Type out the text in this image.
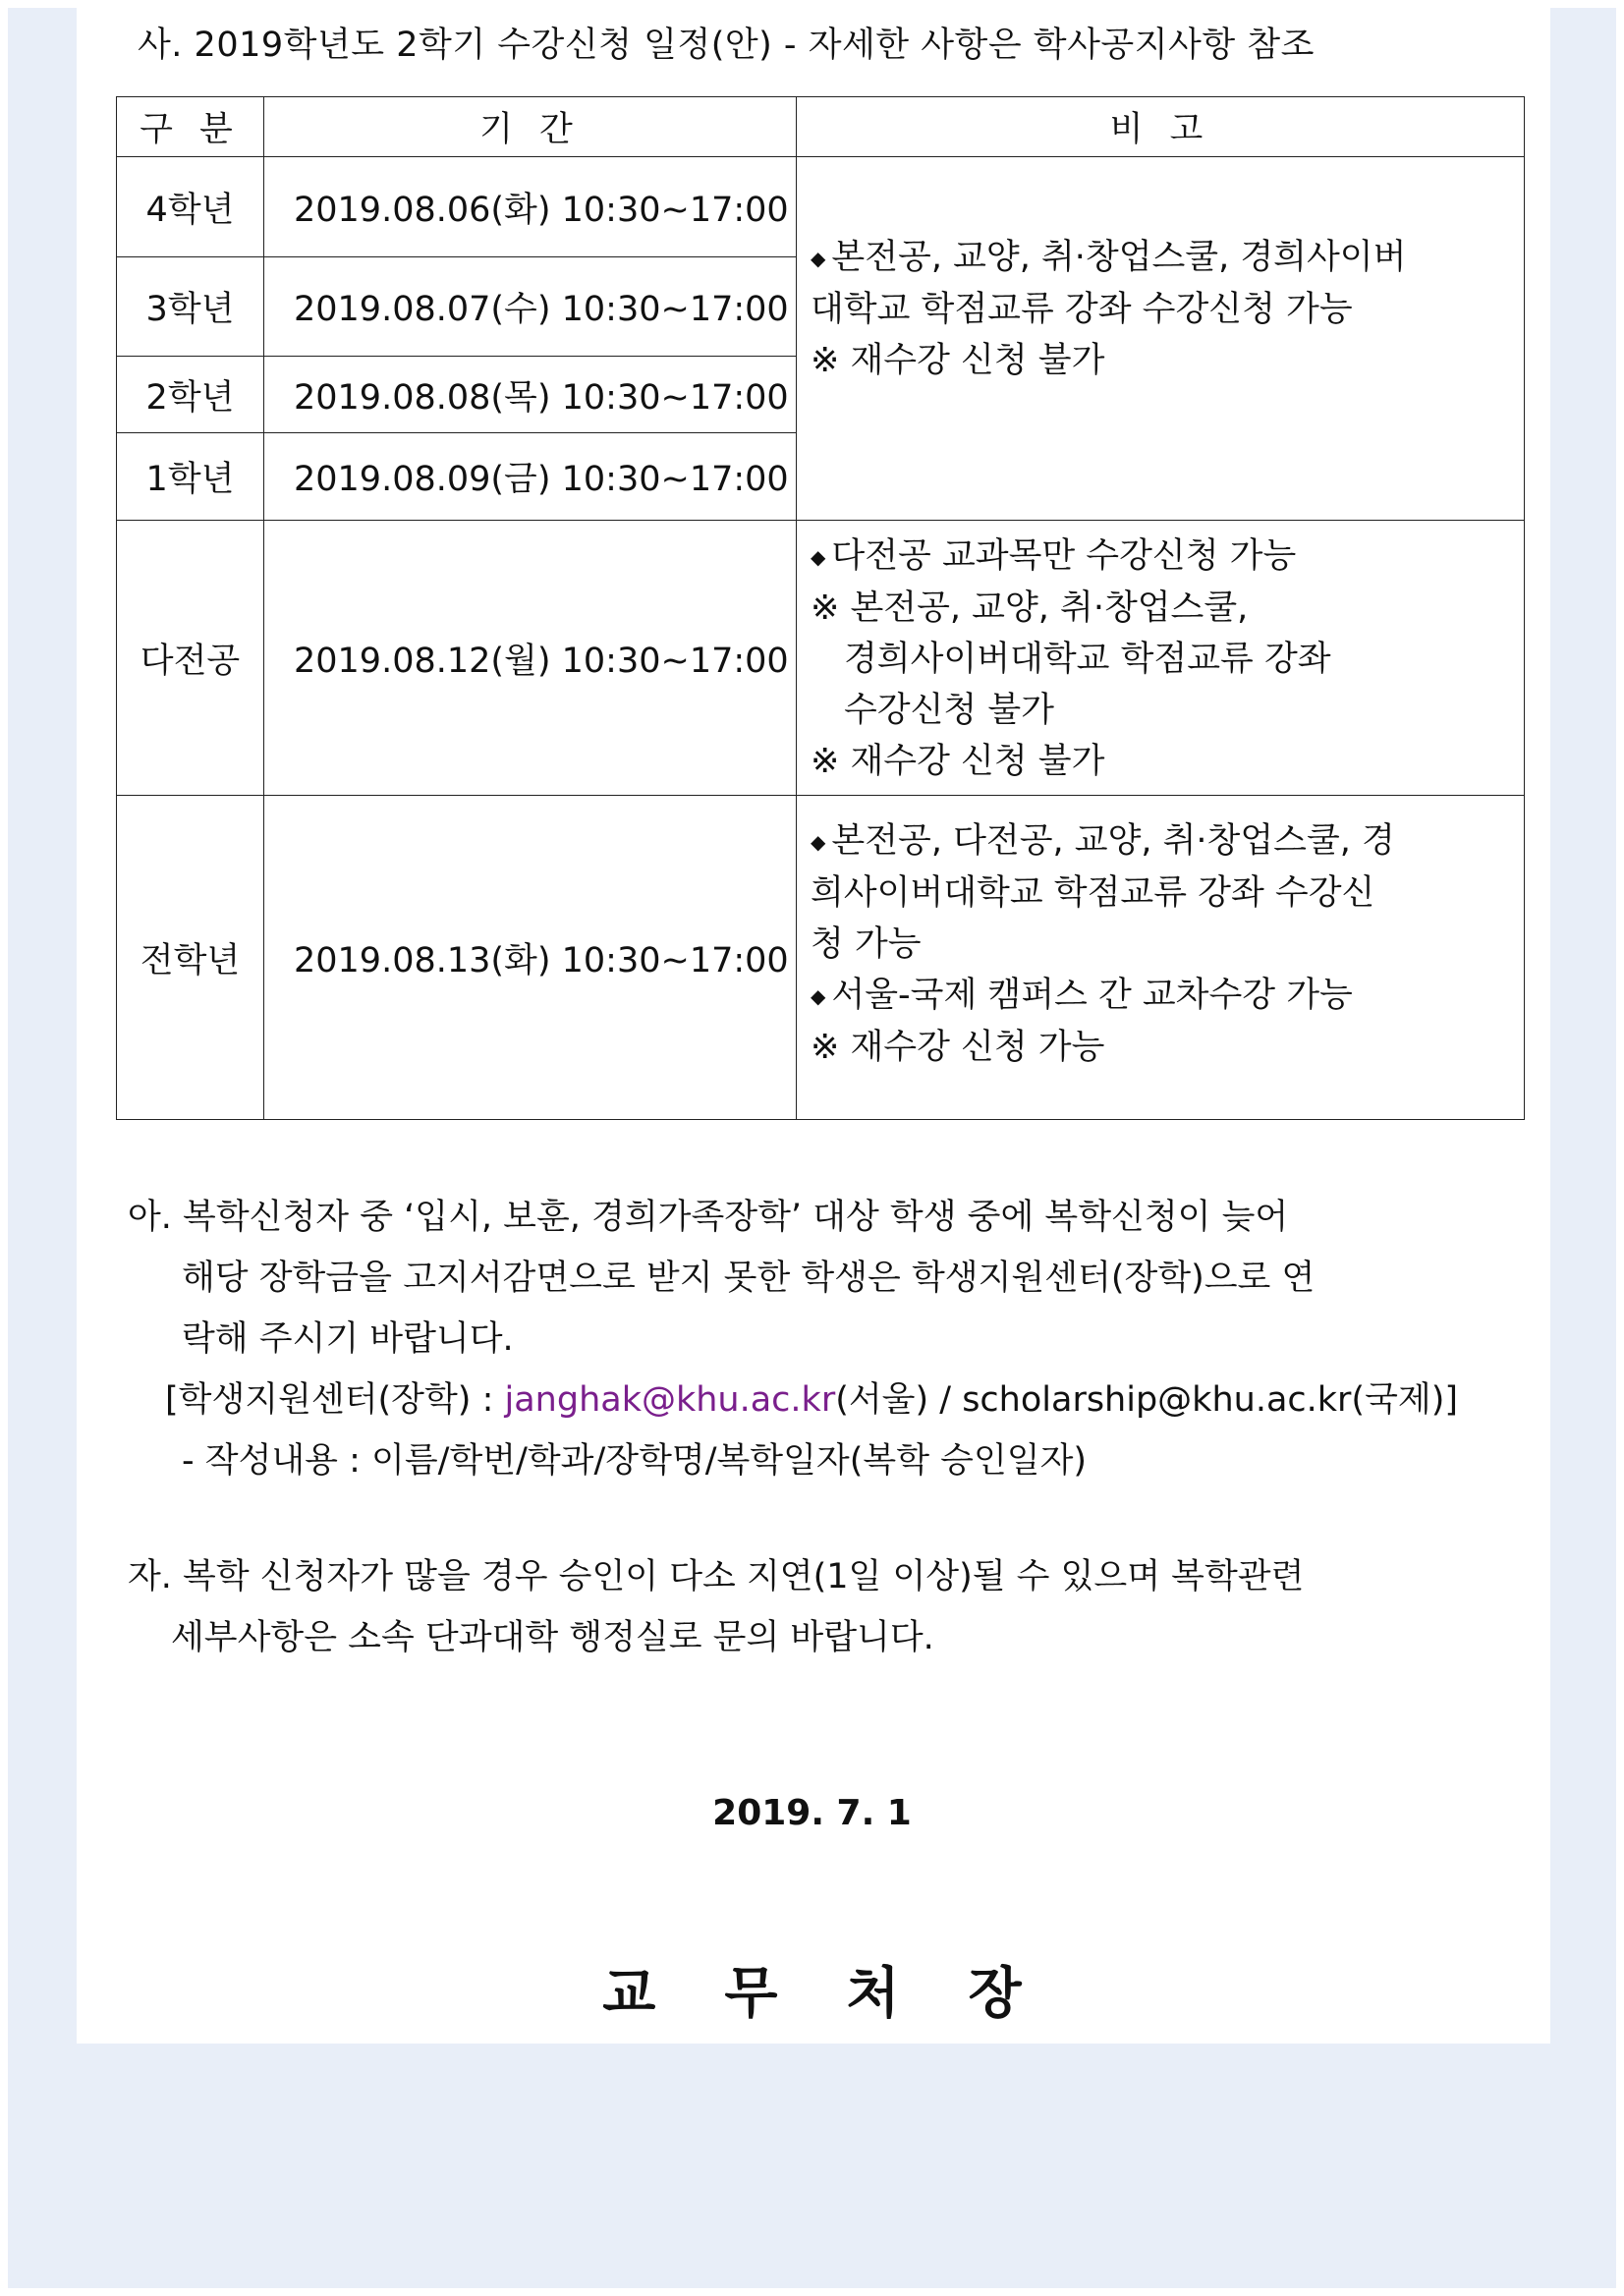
사. 2019학년도 2학기 수강신청 일정(안) - 자세한 사항은 학사공지사항 참조
구 분	기 간	비 고
4학년	2019.08.06(화) 10:30~17:00	◆ 본전공, 교양, 취·창업스쿨, 경희사이버
대학교 학점교류 강좌 수강신청 가능
※ 재수강 신청 불가

3학년	2019.08.07(수) 10:30~17:00	
2학년	2019.08.08(목) 10:30~17:00	
1학년	2019.08.09(금) 10:30~17:00	
다전공	2019.08.12(월) 10:30~17:00	◆ 다전공 교과목만 수강신청 가능
※ 본전공, 교양, 취·창업스쿨,
경희사이버대학교 학점교류 강좌
수강신청 불가
※ 재수강 신청 불가

전학년	2019.08.13(화) 10:30~17:00	◆ 본전공, 다전공, 교양, 취·창업스쿨, 경
희사이버대학교 학점교류 강좌 수강신
청 가능
◆ 서울-국제 캠퍼스 간 교차수강 가능
※ 재수강 신청 가능
아. 복학신청자 중 ‘입시, 보훈, 경희가족장학’ 대상 학생 중에 복학신청이 늦어
해당 장학금을 고지서감면으로 받지 못한 학생은 학생지원센터(장학)으로 연
락해 주시기 바랍니다.
[학생지원센터(장학) : janghak@khu.ac.kr(서울) / scholarship@khu.ac.kr(국제)]
- 작성내용 : 이름/학번/학과/장학명/복학일자(복학 승인일자)
자. 복학 신청자가 많을 경우 승인이 다소 지연(1일 이상)될 수 있으며 복학관련
세부사항은 소속 단과대학 행정실로 문의 바랍니다.
2019. 7. 1
교무처장
